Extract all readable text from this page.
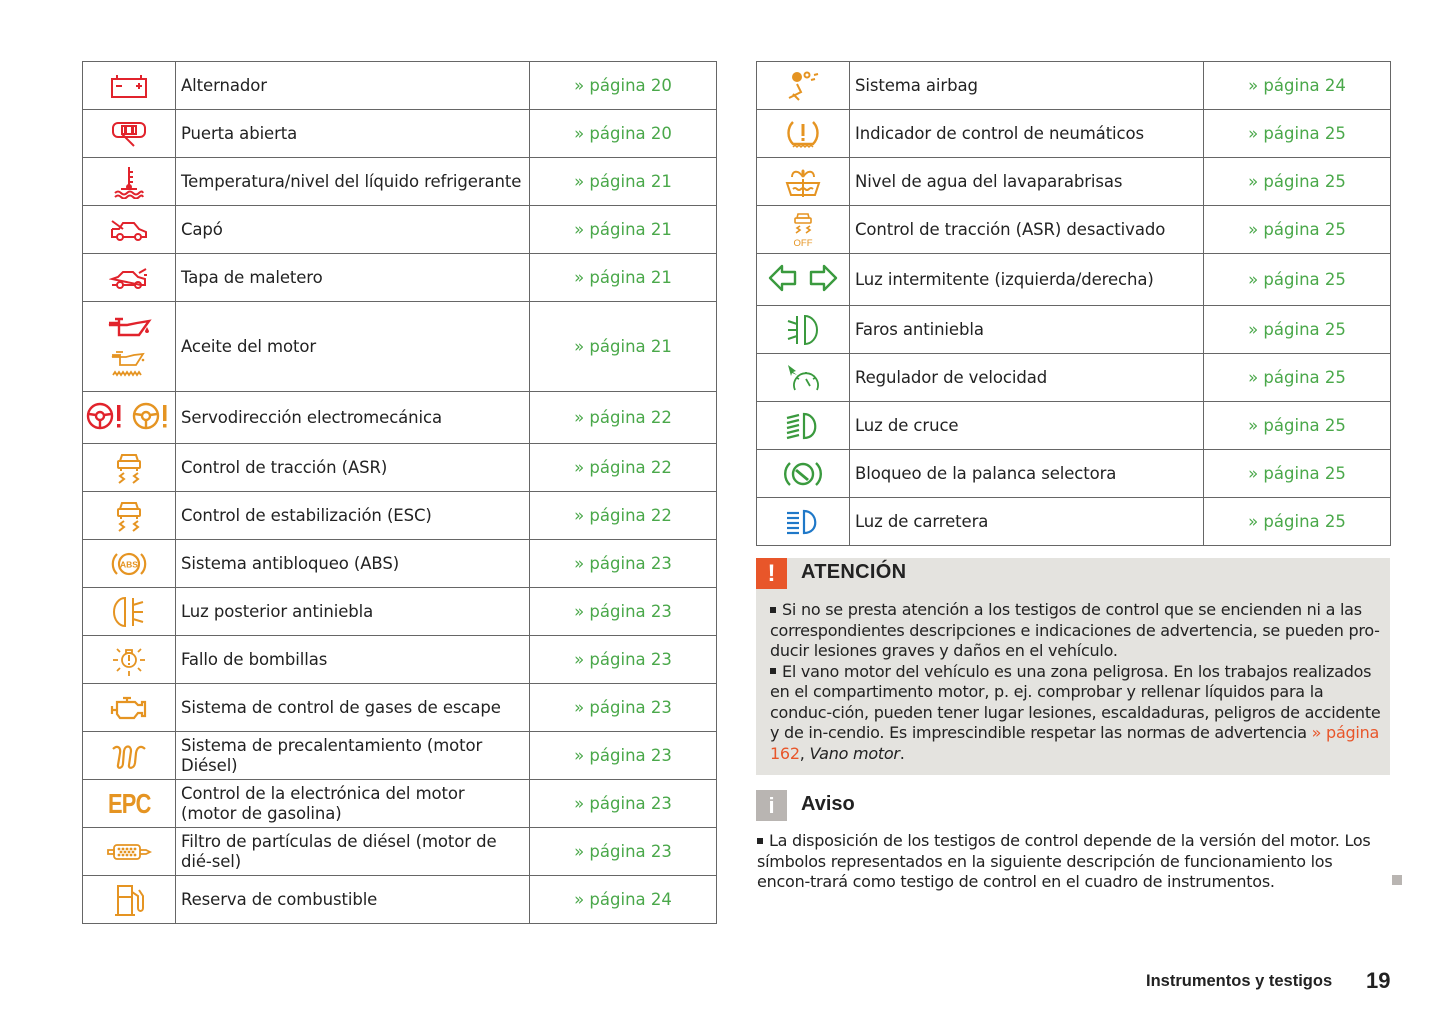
	Alternador	» página 20

	Puerta abierta	» página 20

	Temperatura/nivel del líquido refrigerante	» página 21

	Capó	» página 21

	Tapa de maletero	» página 21

	Aceite del motor	» página 21
	Servodirección electromecánica	» página 22

	Control de tracción (ASR)	» página 22

	Control de estabilización (ESC)	» página 22

ABS	Sistema antibloqueo (ABS)	» página 23

	Luz posterior antiniebla	» página 23

	Fallo de bombillas	» página 23

	Sistema de control de gases de escape	» página 23

	Sistema de precalentamiento (motor Diésel)	» página 23
EPC	Control de la electrónica del motor (motor de gasolina)	» página 23

	Filtro de partículas de diésel (motor de dié-sel)	» página 23

	Reserva de combustible	» página 24
	Sistema airbag	» página 24

	Indicador de control de neumáticos	» página 25

	Nivel de agua del lavaparabrisas	» página 25

OFF	Control de tracción (ASR) desactivado	» página 25
	Luz intermitente (izquierda/derecha)	» página 25

	Faros antiniebla	» página 25

	Regulador de velocidad	» página 25

	Luz de cruce	» página 25

	Bloqueo de la palanca selectora	» página 25

	Luz de carretera	» página 25
!	ATENCIÓN
Si no se presta atención a los testigos de control que se encienden ni a las correspondientes descripciones e indicaciones de advertencia, se pueden pro-ducir lesiones graves y daños en el vehículo.
El vano motor del vehículo es una zona peligrosa. En los trabajos realizados en el compartimento motor, p. ej. comprobar y rellenar líquidos para la conduc-ción, pueden tener lugar lesiones, escaldaduras, peligros de accidente y de in-cendio. Es imprescindible respetar las normas de advertencia » página 162, Vano motor.
i	Aviso
La disposición de los testigos de control depende de la versión del motor. Los símbolos representados en la siguiente descripción de funcionamiento los encon-trará como testigo de control en el cuadro de instrumentos.
Instrumentos y testigos 19
